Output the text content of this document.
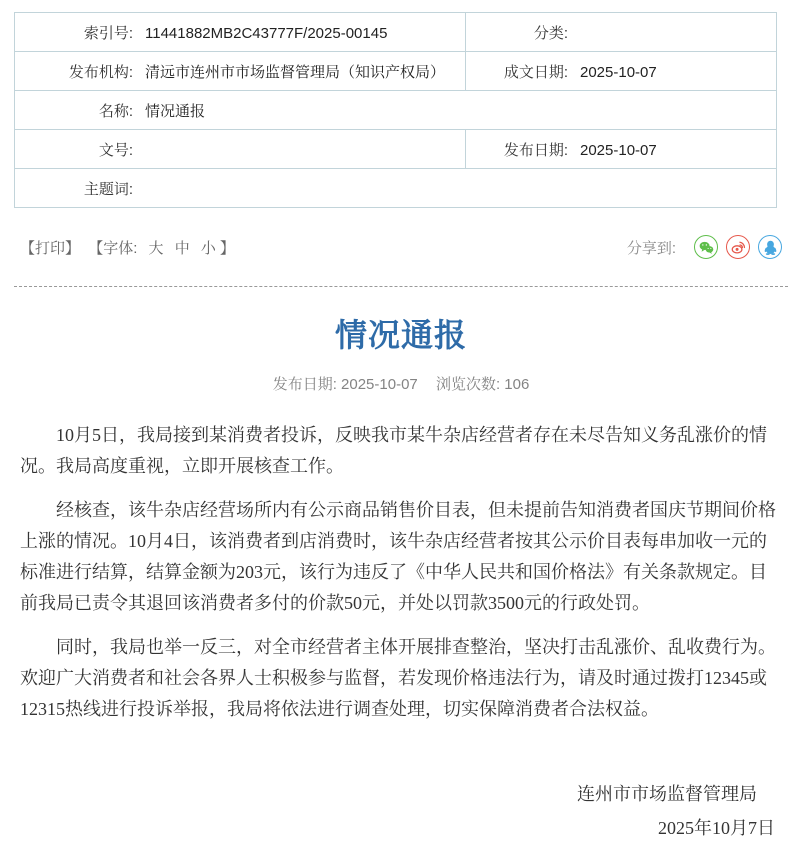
索引号: 11441882MB2C43777F/2025-00145	分类:
发布机构: 清远市连州市市场监督管理局（知识产权局）	成文日期: 2025-10-07
名称: 情况通报	
文号:	发布日期: 2025-10-07
主题词:	
【打印】 【字体: 大 中 小 】	分享到:
情况通报
发布日期: 2025-10-07 浏览次数: 106

10月5日，我局接到某消费者投诉，反映我市某牛杂店经营者存在未尽告知义务乱涨价的情况。我局高度重视，立即开展核查工作。

经核查，该牛杂店经营场所内有公示商品销售价目表，但未提前告知消费者国庆节期间价格上涨的情况。10月4日，该消费者到店消费时，该牛杂店经营者按其公示价目表每串加收一元的标准进行结算，结算金额为203元，该行为违反了《中华人民共和国价格法》有关条款规定。目前我局已责令其退回该消费者多付的价款50元，并处以罚款3500元的行政处罚。

同时，我局也举一反三，对全市经营者主体开展排查整治，坚决打击乱涨价、乱收费行为。欢迎广大消费者和社会各界人士积极参与监督，若发现价格违法行为，请及时通过拨打12345或12315热线进行投诉举报，我局将依法进行调查处理，切实保障消费者合法权益。

连州市市场监督管理局
2025年10月7日
